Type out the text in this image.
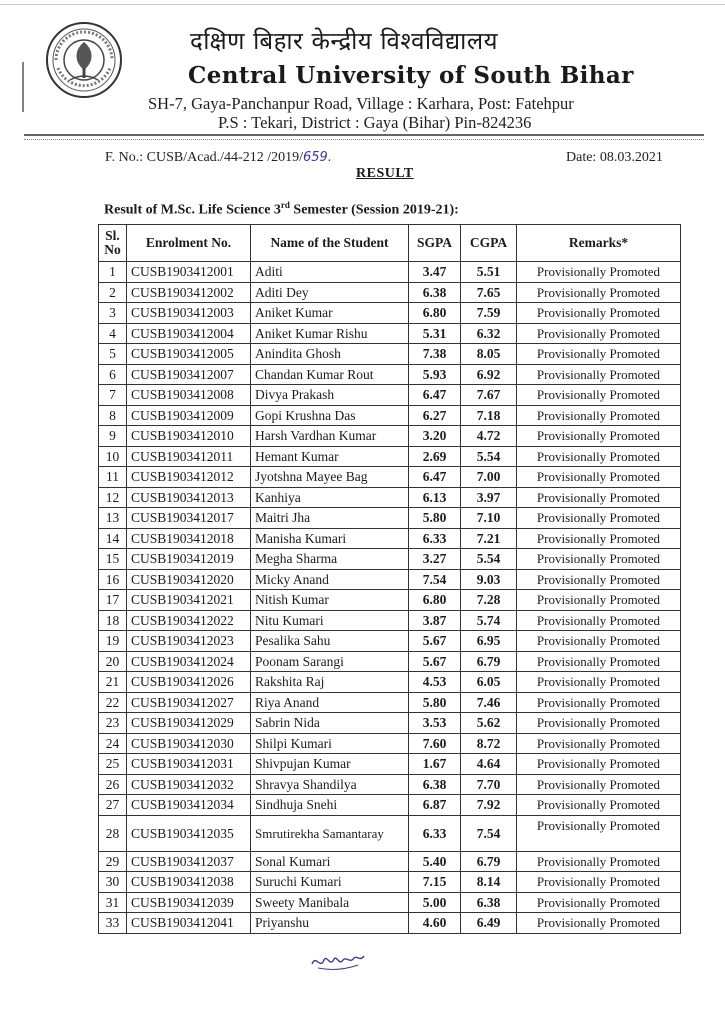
दक्षिण बिहार केन्द्रीय विश्वविद्यालय
Central University of South Bihar
SH-7, Gaya-Panchanpur Road, Village : Karhara, Post: Fatehpur
P.S : Tekari, District : Gaya (Bihar) Pin-824236
F. No.: CUSB/Acad./44-212 /2019/659.	Date: 08.03.2021
RESULT
Result of M.Sc. Life Science 3rd Semester (Session 2019-21):
Sl. No	Enrolment No.	Name of the Student	SGPA	CGPA	Remarks*
1	CUSB1903412001	Aditi	3.47	5.51	Provisionally Promoted
2	CUSB1903412002	Aditi Dey	6.38	7.65	Provisionally Promoted
3	CUSB1903412003	Aniket Kumar	6.80	7.59	Provisionally Promoted
4	CUSB1903412004	Aniket Kumar Rishu	5.31	6.32	Provisionally Promoted
5	CUSB1903412005	Anindita Ghosh	7.38	8.05	Provisionally Promoted
6	CUSB1903412007	Chandan Kumar Rout	5.93	6.92	Provisionally Promoted
7	CUSB1903412008	Divya Prakash	6.47	7.67	Provisionally Promoted
8	CUSB1903412009	Gopi Krushna Das	6.27	7.18	Provisionally Promoted
9	CUSB1903412010	Harsh Vardhan Kumar	3.20	4.72	Provisionally Promoted
10	CUSB1903412011	Hemant Kumar	2.69	5.54	Provisionally Promoted
11	CUSB1903412012	Jyotshna Mayee Bag	6.47	7.00	Provisionally Promoted
12	CUSB1903412013	Kanhiya	6.13	3.97	Provisionally Promoted
13	CUSB1903412017	Maitri Jha	5.80	7.10	Provisionally Promoted
14	CUSB1903412018	Manisha Kumari	6.33	7.21	Provisionally Promoted
15	CUSB1903412019	Megha Sharma	3.27	5.54	Provisionally Promoted
16	CUSB1903412020	Micky Anand	7.54	9.03	Provisionally Promoted
17	CUSB1903412021	Nitish Kumar	6.80	7.28	Provisionally Promoted
18	CUSB1903412022	Nitu Kumari	3.87	5.74	Provisionally Promoted
19	CUSB1903412023	Pesalika Sahu	5.67	6.95	Provisionally Promoted
20	CUSB1903412024	Poonam Sarangi	5.67	6.79	Provisionally Promoted
21	CUSB1903412026	Rakshita Raj	4.53	6.05	Provisionally Promoted
22	CUSB1903412027	Riya Anand	5.80	7.46	Provisionally Promoted
23	CUSB1903412029	Sabrin Nida	3.53	5.62	Provisionally Promoted
24	CUSB1903412030	Shilpi Kumari	7.60	8.72	Provisionally Promoted
25	CUSB1903412031	Shivpujan Kumar	1.67	4.64	Provisionally Promoted
26	CUSB1903412032	Shravya Shandilya	6.38	7.70	Provisionally Promoted
27	CUSB1903412034	Sindhuja Snehi	6.87	7.92	Provisionally Promoted
28	CUSB1903412035	Smrutirekha Samantaray	6.33	7.54	Provisionally Promoted
29	CUSB1903412037	Sonal Kumari	5.40	6.79	Provisionally Promoted
30	CUSB1903412038	Suruchi Kumari	7.15	8.14	Provisionally Promoted
31	CUSB1903412039	Sweety Manibala	5.00	6.38	Provisionally Promoted
33	CUSB1903412041	Priyanshu	4.60	6.49	Provisionally Promoted
